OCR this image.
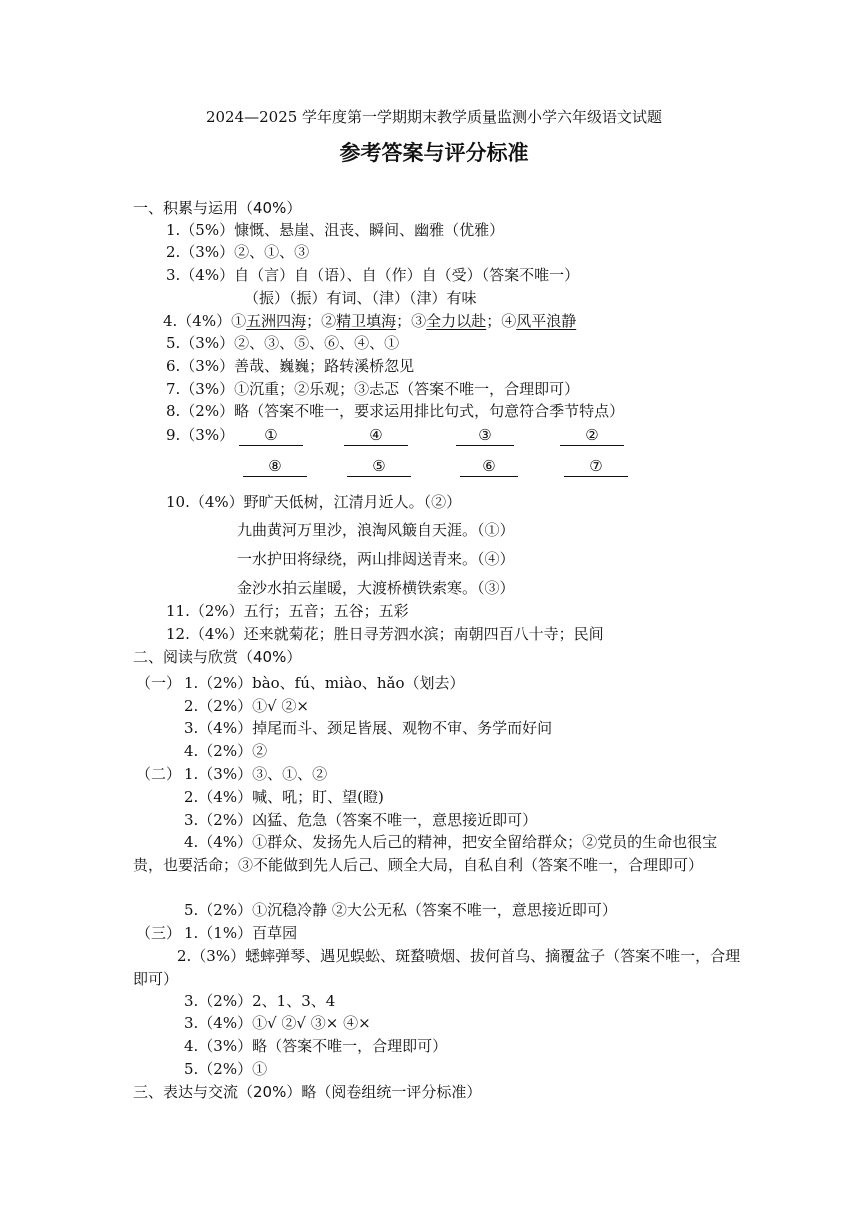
2024—2025 学年度第一学期期末教学质量监测小学六年级语文试题
参考答案与评分标准
一、积累与运用（40%）
1.（5%）慷慨、悬崖、沮丧、瞬间、幽雅（优雅）
2.（3%）②、①、③
3.（4%）自（言）自（语）、自（作）自（受）（答案不唯一）
（振）（振）有词、（津）（津）有味
4.（4%）①五洲四海；②精卫填海；③全力以赴；④风平浪静
5.（3%）②、③、⑤、⑥、④、①
6.（3%）善哉、巍巍；路转溪桥忽见
7.（3%）①沉重；②乐观；③忐忑（答案不唯一，合理即可）
8.（2%）略（答案不唯一，要求运用排比句式，句意符合季节特点）
9.（3%）	①	④	③	②
⑧	⑤	⑥	⑦
10.（4%）野旷天低树，江清月近人。（②）
九曲黄河万里沙，浪淘风簸自天涯。（①）
一水护田将绿绕，两山排闼送青来。（④）
金沙水拍云崖暖，大渡桥横铁索寒。（③）
11.（2%）五行；五音；五谷；五彩
12.（4%）还来就菊花；胜日寻芳泗水滨；南朝四百八十寺；民间
二、阅读与欣赏（40%）
（一） 1.（2%）bào、fú、miào、hǎo（划去）
2.（2%）①√ ②×
3.（4%）掉尾而斗、颈足皆展、观物不审、务学而好问
4.（2%）②
（二） 1.（3%）③、①、②
2.（4%）喊、吼；盯、望(瞪)
3.（2%）凶猛、危急（答案不唯一，意思接近即可）
4.（4%）①群众、发扬先人后己的精神，把安全留给群众；②党员的生命也很宝贵，也要活命；③不能做到先人后己、顾全大局，自私自利（答案不唯一，合理即可）
5.（2%）①沉稳冷静 ②大公无私（答案不唯一，意思接近即可）
（三） 1.（1%）百草园
2.（3%）蟋蟀弹琴、遇见蜈蚣、斑蝥喷烟、拔何首乌、摘覆盆子（答案不唯一，合理即可）
3.（2%）2、1、3、4
3.（4%）①√ ②√ ③× ④×
4.（3%）略（答案不唯一，合理即可）
5.（2%）①
三、表达与交流（20%）略（阅卷组统一评分标准）
